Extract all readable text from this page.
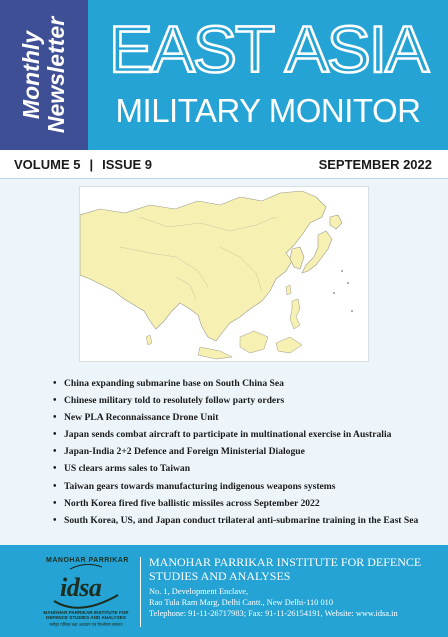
Monthly Newsletter EAST ASIA
MILITARY MONITOR
VOLUME 5 | ISSUE 9	SEPTEMBER 2022
• China expanding submarine base on South China Sea
• Chinese military told to resolutely follow party orders
• New PLA Reconnaissance Drone Unit
• Japan sends combat aircraft to participate in multinational exercise in Australia
• Japan-India 2+2 Defence and Foreign Ministerial Dialogue
• US clears arms sales to Taiwan
• Taiwan gears towards manufacturing indigenous weapons systems
• North Korea fired five ballistic missiles across September 2022
• South Korea, US, and Japan conduct trilateral anti-submarine training in the East Sea
MANOHAR PARRIKAR
idsa
MANOHAR PARRIKAR INSTITUTE FOR DEFENCE STUDIES AND ANALYSES
मनोहर पर्रिकर रक्षा अध्ययन एवं विश्लेषण संस्थान
MANOHAR PARRIKAR INSTITUTE FOR DEFENCE
STUDIES AND ANALYSES
No. 1, Development Enclave,
Rao Tula Ram Marg, Delhi Cantt., New Delhi-110 010
Telephone: 91-11-26717983; Fax: 91-11-26154191, Website: www.idsa.in
